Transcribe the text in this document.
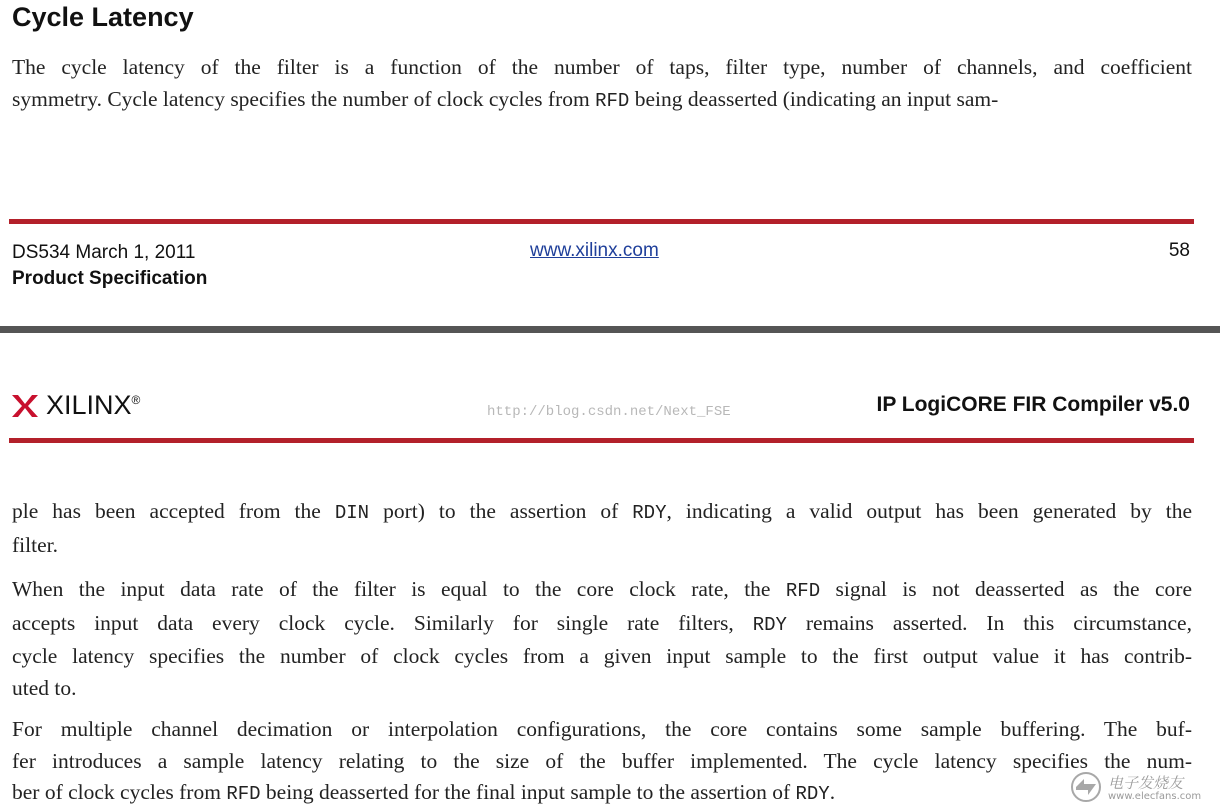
Cycle Latency
The cycle latency of the filter is a function of the number of taps, filter type, number of channels, and coefficient
symmetry. Cycle latency specifies the number of clock cycles from RFD being deasserted (indicating an input sam-
DS534 March 1, 2011
Product Specification
www.xilinx.com	58
XILINX®
http://blog.csdn.net/Next_FSE	IP LogiCORE FIR Compiler v5.0
ple has been accepted from the DIN port) to the assertion of RDY, indicating a valid output has been generated by the
filter.
When the input data rate of the filter is equal to the core clock rate, the RFD signal is not deasserted as the core
accepts input data every clock cycle. Similarly for single rate filters, RDY remains asserted. In this circumstance,
cycle latency specifies the number of clock cycles from a given input sample to the first output value it has contrib-
uted to.
For multiple channel decimation or interpolation configurations, the core contains some sample buffering. The buf-
fer introduces a sample latency relating to the size of the buffer implemented. The cycle latency specifies the num-
ber of clock cycles from RFD being deasserted for the final input sample to the assertion of RDY.	电子发烧友
www.elecfans.com
